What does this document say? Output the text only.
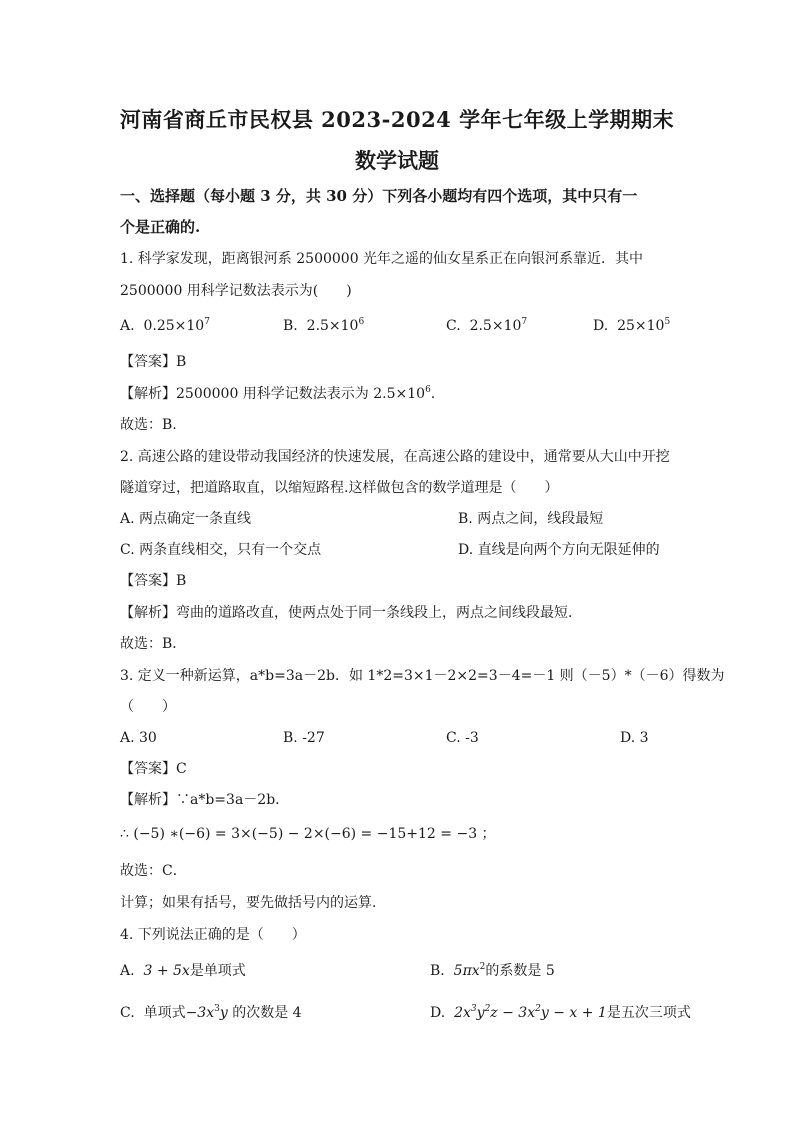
河南省商丘市民权县 2023-2024 学年七年级上学期期末
数学试题
一、选择题（每小题 3 分，共 30 分）下列各小题均有四个选项，其中只有一
个是正确的.
1. 科学家发现，距离银河系 2500000 光年之遥的仙女星系正在向银河系靠近．其中
2500000 用科学记数法表示为(　　)
A. $0.25\times 10^7$	B. $2.5\times 10^6$	C. $2.5\times 10^7$	D. $25\times 10^5$
【答案】B
【解析】2500000 用科学记数法表示为 $2.5\times 10^6$.
故选：B.
2. 高速公路的建设带动我国经济的快速发展，在高速公路的建设中，通常要从大山中开挖
隧道穿过，把道路取直，以缩短路程.这样做包含的数学道理是（　　）
A. 两点确定一条直线	B. 两点之间，线段最短
C. 两条直线相交，只有一个交点	D. 直线是向两个方向无限延伸的
【答案】B
【解析】弯曲的道路改直，使两点处于同一条线段上，两点之间线段最短．
故选：B．
3. 定义一种新运算，a*b=3a－2b．如 1*2=3×1－2×2=3－4=－1 则（－5）*（－6）得数为
（　　）
A. 30	B. -27	C. -3	D. 3
【答案】C
【解析】∵a*b=3a－2b．
∴ (−5) ∗(−6) = 3×(−5) − 2×(−6) = −15+12 = −3 ；
故选：C．
计算；如果有括号，要先做括号内的运算．
4. 下列说法正确的是（　　）
A. 3 + 5x是单项式	B. $5\pi x^2$的系数是 5
C. 单项式$-3x^3y$ 的次数是 4	D. $2x^3y^2z - 3x^2y - x + 1$是五次三项式
